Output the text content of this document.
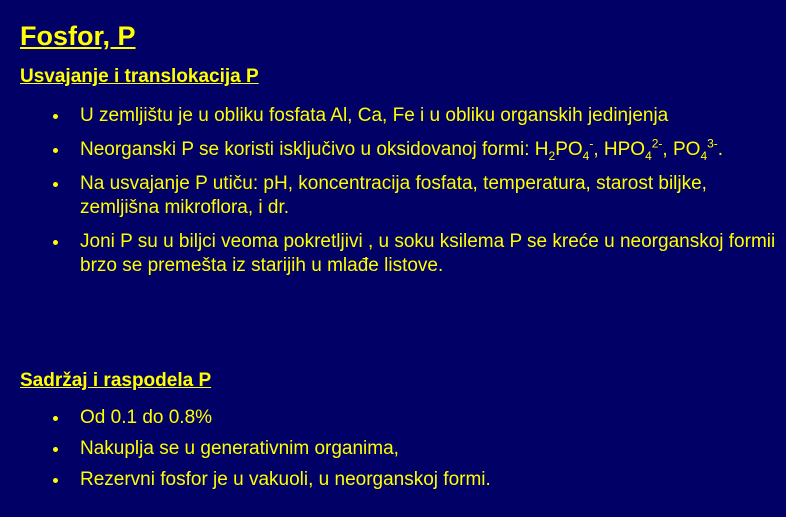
Fosfor, P
Usvajanje i translokacija P
U zemljištu je u obliku fosfata Al, Ca, Fe i u obliku organskih jedinjenja
Neorganski P se koristi isključivo u oksidovanoj formi: $H_2PO_4^-$, $HPO_4^{2-}$, $PO_4^{3-}$.
Na usvajanje P utiču: pH, koncentracija fosfata, temperatura, starost biljke, zemljišna mikroflora, i dr.
Joni P su u biljci veoma pokretljivi , u soku ksilema P se kreće u neorganskoj formii brzo se premešta iz starijih u mlađe listove.
Sadržaj i raspodela P
Od 0.1 do 0.8%
Nakuplja se u generativnim organima,
Rezervni fosfor je u vakuoli, u neorganskoj formi.
